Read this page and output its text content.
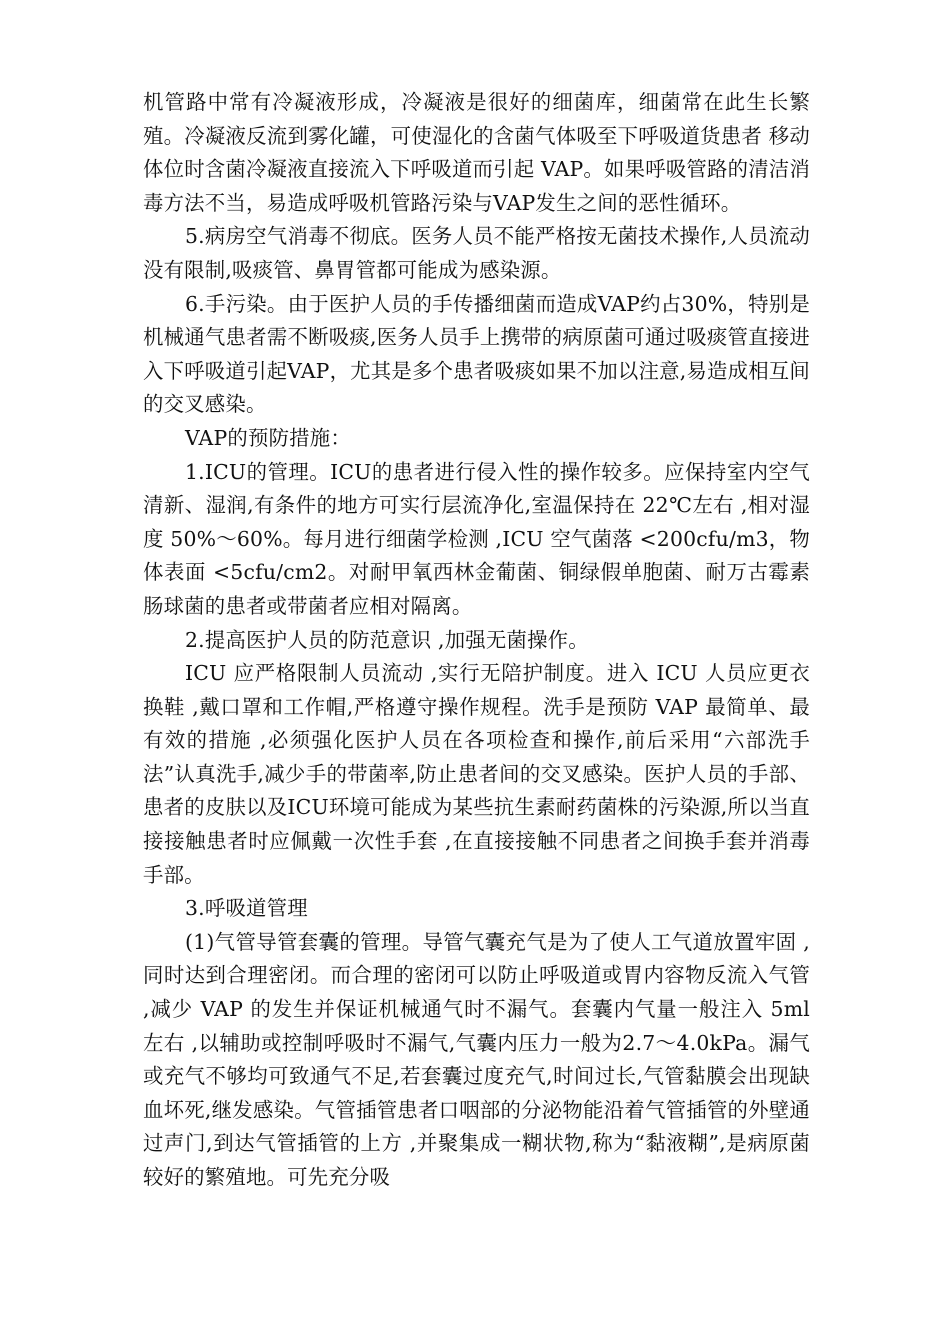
机管路中常有冷凝液形成，冷凝液是很好的细菌库，细菌常在此生长繁殖。冷凝液反流到雾化罐，可使湿化的含菌气体吸至下呼吸道货患者 移动体位时含菌冷凝液直接流入下呼吸道而引起 VAP。如果呼吸管路的清洁消毒方法不当，易造成呼吸机管路污染与VAP发生之间的恶性循环。

5.病房空气消毒不彻底。医务人员不能严格按无菌技术操作,人员流动没有限制,吸痰管、鼻胃管都可能成为感染源。

6.手污染。由于医护人员的手传播细菌而造成VAP约占30%，特别是机械通气患者需不断吸痰,医务人员手上携带的病原菌可通过吸痰管直接进入下呼吸道引起VAP，尤其是多个患者吸痰如果不加以注意,易造成相互间的交叉感染。

VAP的预防措施：

1.ICU的管理。ICU的患者进行侵入性的操作较多。应保持室内空气清新、湿润,有条件的地方可实行层流净化,室温保持在 22℃左右 ,相对湿度 50%～60%。每月进行细菌学检测 ,ICU 空气菌落 <200cfu/m3，物体表面 <5cfu/cm2。对耐甲氧西林金葡菌、铜绿假单胞菌、耐万古霉素肠球菌的患者或带菌者应相对隔离。

2.提高医护人员的防范意识 ,加强无菌操作。

ICU 应严格限制人员流动 ,实行无陪护制度。进入 ICU 人员应更衣换鞋 ,戴口罩和工作帽,严格遵守操作规程。洗手是预防 VAP 最简单、最有效的措施 ,必须强化医护人员在各项检查和操作,前后采用“六部洗手法”认真洗手,减少手的带菌率,防止患者间的交叉感染。医护人员的手部、患者的皮肤以及ICU环境可能成为某些抗生素耐药菌株的污染源,所以当直接接触患者时应佩戴一次性手套 ,在直接接触不同患者之间换手套并消毒手部。

3.呼吸道管理

(1)气管导管套囊的管理。导管气囊充气是为了使人工气道放置牢固 ,同时达到合理密闭。而合理的密闭可以防止呼吸道或胃内容物反流入气管 ,减少 VAP 的发生并保证机械通气时不漏气。套囊内气量一般注入 5ml 左右 ,以辅助或控制呼吸时不漏气,气囊内压力一般为2.7～4.0kPa。漏气或充气不够均可致通气不足,若套囊过度充气,时间过长,气管黏膜会出现缺血坏死,继发感染。气管插管患者口咽部的分泌物能沿着气管插管的外壁通过声门,到达气管插管的上方 ,并聚集成一糊状物,称为“黏液糊”,是病原菌较好的繁殖地。可先充分吸
